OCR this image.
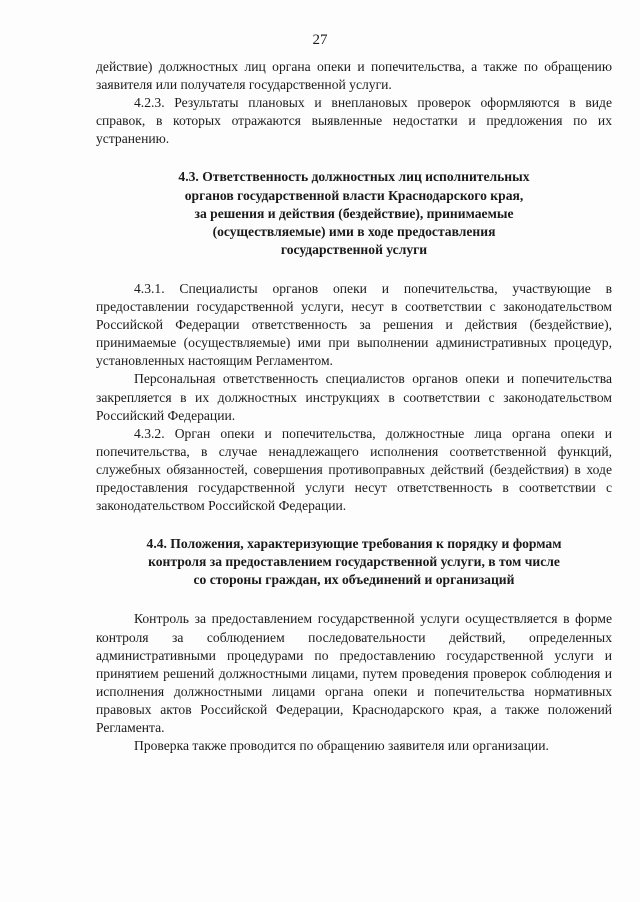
27

действие) должностных лиц органа опеки и попечительства, а также по обращению заявителя или получателя государственной услуги.

4.2.3. Результаты плановых и внеплановых проверок оформляются в виде справок, в которых отражаются выявленные недостатки и предложения по их устранению.

4.3. Ответственность должностных лиц исполнительных
органов государственной власти Краснодарского края,
за решения и действия (бездействие), принимаемые
(осуществляемые) ими в ходе предоставления
государственной услуги

4.3.1. Специалисты органов опеки и попечительства, участвующие в предоставлении государственной услуги, несут в соответствии с законодательством Российской Федерации ответственность за решения и действия (бездействие), принимаемые (осуществляемые) ими при выполнении административных процедур, установленных настоящим Регламентом.

Персональная ответственность специалистов органов опеки и попечительства закрепляется в их должностных инструкциях в соответствии с законодательством Российский Федерации.

4.3.2. Орган опеки и попечительства, должностные лица органа опеки и попечительства, в случае ненадлежащего исполнения соответственной функций, служебных обязанностей, совершения противоправных действий (бездействия) в ходе предоставления государственной услуги несут ответственность в соответствии с законодательством Российской Федерации.

4.4. Положения, характеризующие требования к порядку и формам
контроля за предоставлением государственной услуги, в том числе
со стороны граждан, их объединений и организаций

Контроль за предоставлением государственной услуги осуществляется в форме контроля за соблюдением последовательности действий, определенных административными процедурами по предоставлению государственной услуги и принятием решений должностными лицами, путем проведения проверок соблюдения и исполнения должностными лицами органа опеки и попечительства нормативных правовых актов Российской Федерации, Краснодарского края, а также положений Регламента.

Проверка также проводится по обращению заявителя или организации.
